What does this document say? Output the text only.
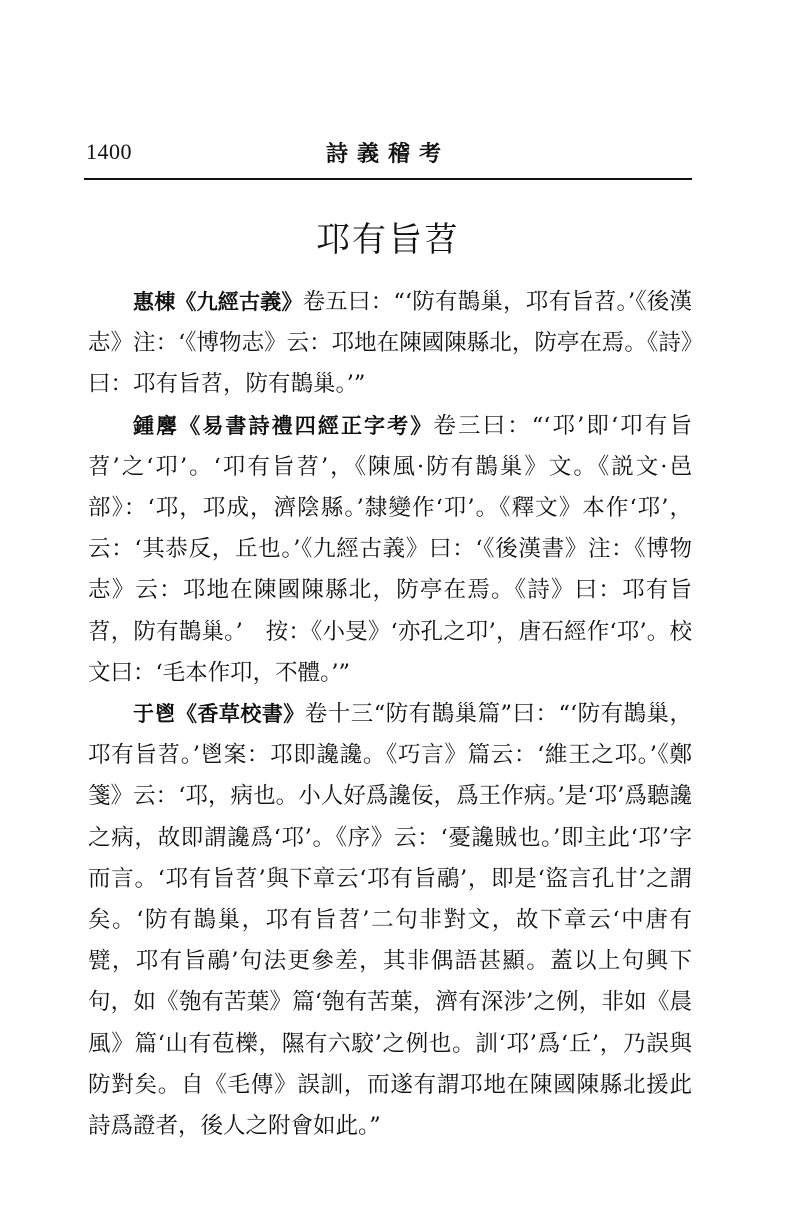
1400	詩義稽考
邛有旨苕

惠棟《九經古義》卷五曰：“‘防有鵲巢，邛有旨苕。’《後漢志》注：‘《博物志》云：邛地在陳國陳縣北，防亭在焉。《詩》曰：邛有旨苕，防有鵲巢。’”

鍾麐《易書詩禮四經正字考》卷三曰：“‘邛’即‘卭有旨苕’之‘卭’。‘卭有旨苕’，《陳風·防有鵲巢》文。《説文·邑部》：‘邛，邛成，濟陰縣。’隸變作‘卭’。《釋文》本作‘邛’，云：‘其恭反，丘也。’《九經古義》曰：‘《後漢書》注：《博物志》云：邛地在陳國陳縣北，防亭在焉。《詩》曰：邛有旨苕，防有鵲巢。’　按：《小旻》‘亦孔之卭’，唐石經作‘邛’。校文曰：‘毛本作卭，不體。’”

于鬯《香草校書》卷十三“防有鵲巢篇”曰：“‘防有鵲巢，邛有旨苕。’鬯案：邛即讒讒。《巧言》篇云：‘維王之邛。’《鄭箋》云：‘邛，病也。小人好爲讒佞，爲王作病。’是‘邛’爲聽讒之病，故即謂讒爲‘邛’。《序》云：‘憂讒賊也。’即主此‘邛’字而言。‘邛有旨苕’與下章云‘邛有旨鷊’，即是‘盜言孔甘’之謂矣。‘防有鵲巢，邛有旨苕’二句非對文，故下章云‘中唐有甓，邛有旨鷊’句法更參差，其非偶語甚顯。蓋以上句興下句，如《匏有苦葉》篇‘匏有苦葉，濟有深涉’之例，非如《晨風》篇‘山有苞櫟，隰有六駮’之例也。訓‘邛’爲‘丘’，乃誤與防對矣。自《毛傳》誤訓，而遂有謂邛地在陳國陳縣北援此詩爲證者，後人之附會如此。”
